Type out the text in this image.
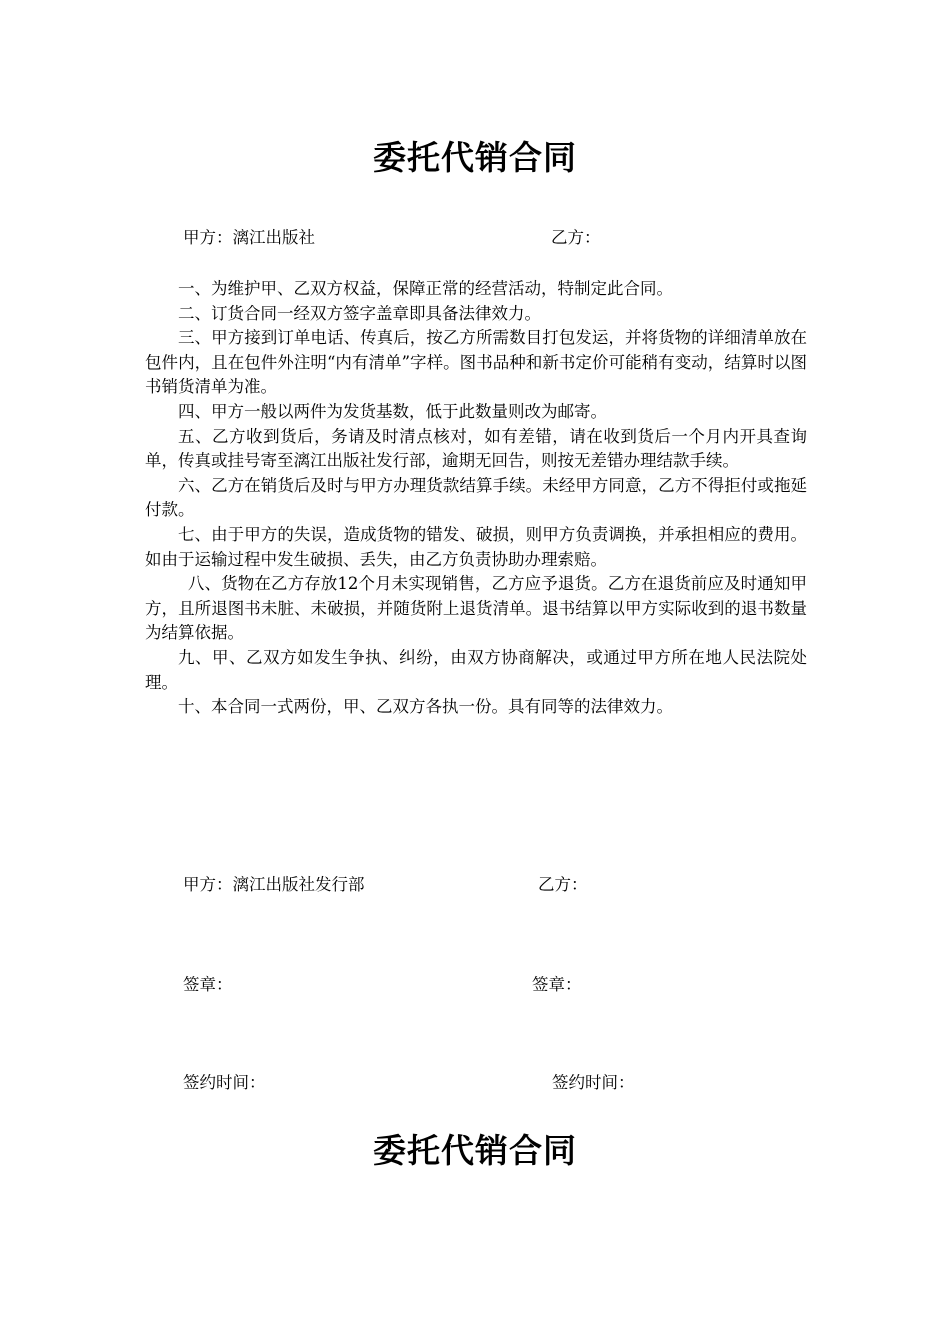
委托代销合同
甲方：漓江出版社	乙方：

一、为维护甲、乙双方权益，保障正常的经营活动，特制定此合同。

二、订货合同一经双方签字盖章即具备法律效力。

三、甲方接到订单电话、传真后，按乙方所需数目打包发运，并将货物的详细清单放在包件内，且在包件外注明“内有清单”字样。图书品种和新书定价可能稍有变动，结算时以图书销货清单为准。

四、甲方一般以两件为发货基数，低于此数量则改为邮寄。

五、乙方收到货后，务请及时清点核对，如有差错，请在收到货后一个月内开具查询单，传真或挂号寄至漓江出版社发行部，逾期无回告，则按无差错办理结款手续。

六、乙方在销货后及时与甲方办理货款结算手续。未经甲方同意，乙方不得拒付或拖延付款。

七、由于甲方的失误，造成货物的错发、破损，则甲方负责调换，并承担相应的费用。如由于运输过程中发生破损、丢失，由乙方负责协助办理索赔。

八、货物在乙方存放12个月未实现销售，乙方应予退货。乙方在退货前应及时通知甲方，且所退图书未脏、未破损，并随货附上退货清单。退书结算以甲方实际收到的退书数量为结算依据。

九、甲、乙双方如发生争执、纠纷，由双方协商解决，或通过甲方所在地人民法院处理。

十、本合同一式两份，甲、乙双方各执一份。具有同等的法律效力。

甲方：漓江出版社发行部	乙方：
签章：	签章：
签约时间：	签约时间：
委托代销合同
